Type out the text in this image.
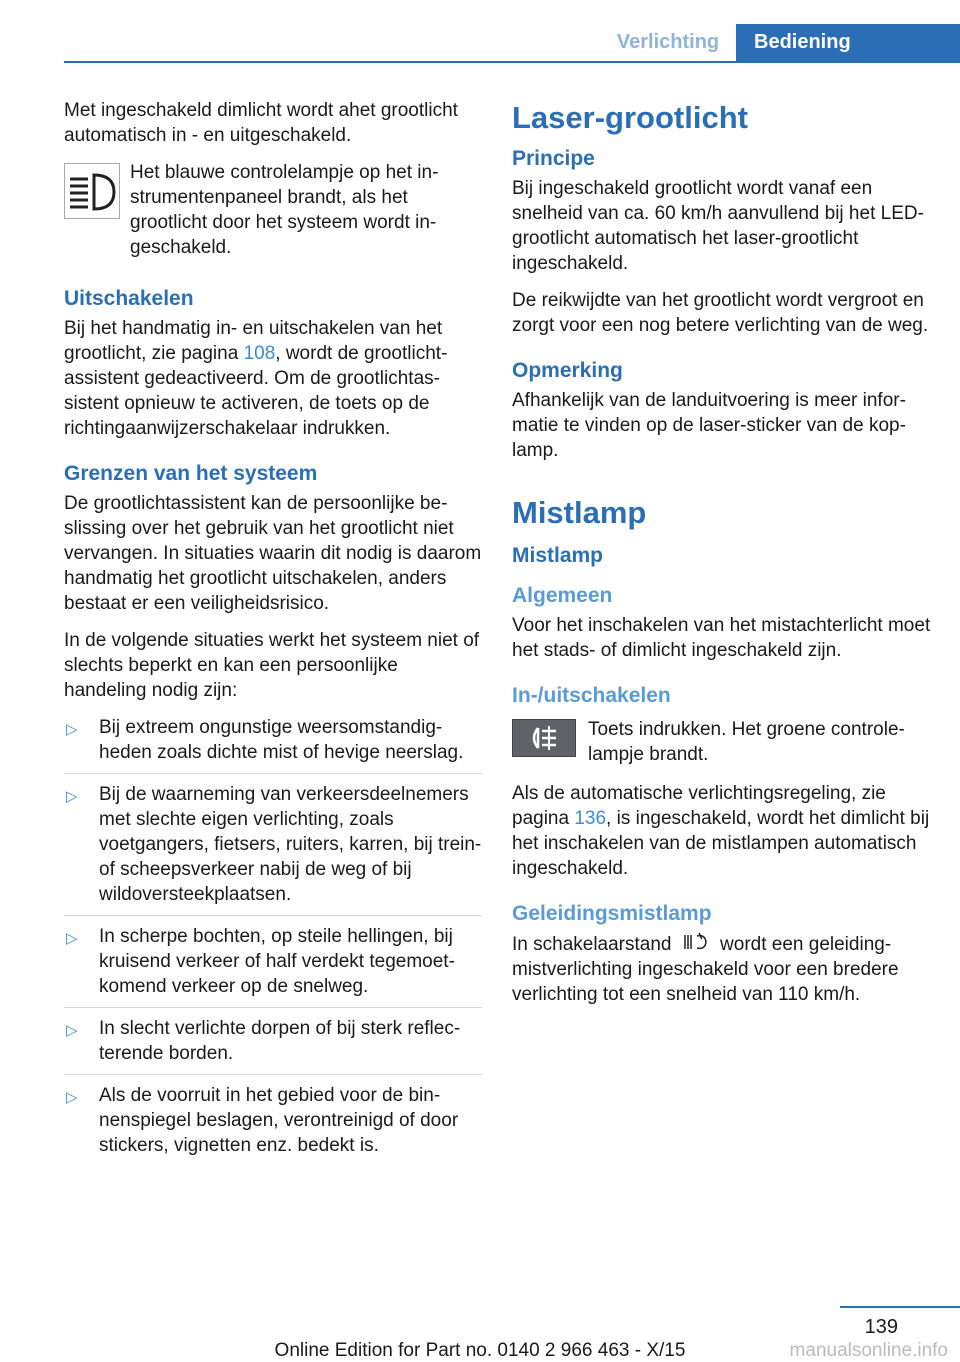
Verlichting	Bediening

Met ingeschakeld dimlicht wordt ahet grootlicht automatisch in - en uitgeschakeld.

Het blauwe controlelampje op het instrumentenpaneel brandt, als het grootlicht door het systeem wordt ingeschakeld.
Uitschakelen

Bij het handmatig in- en uitschakelen van het grootlicht, zie pagina 108, wordt de grootlichtassistent gedeactiveerd. Om de grootlichtassistent opnieuw te activeren, de toets op de richtingaanwijzerschakelaar indrukken.

Grenzen van het systeem

De grootlichtassistent kan de persoonlijke beslissing over het gebruik van het grootlicht niet vervangen. In situaties waarin dit nodig is daarom handmatig het grootlicht uitschakelen, anders bestaat er een veiligheidsrisico.

In de volgende situaties werkt het systeem niet of slechts beperkt en kan een persoonlijke handeling nodig zijn:

▷ Bij extreem ongunstige weersomstandigheden zoals dichte mist of hevige neerslag.
▷ Bij de waarneming van verkeersdeelnemers met slechte eigen verlichting, zoals voetgangers, fietsers, ruiters, karren, bij trein- of scheepsverkeer nabij de weg of bij wildoversteekplaatsen.
▷ In scherpe bochten, op steile hellingen, bij kruisend verkeer of half verdekt tegemoetkomend verkeer op de snelweg.
▷ In slecht verlichte dorpen of bij sterk reflecterende borden.
▷ Als de voorruit in het gebied voor de binnenspiegel beslagen, verontreinigd of door stickers, vignetten enz. bedekt is.
Laser-grootlicht
Principe

Bij ingeschakeld grootlicht wordt vanaf een snelheid van ca. 60 km/h aanvullend bij het LED-grootlicht automatisch het laser-grootlicht ingeschakeld.

De reikwijdte van het grootlicht wordt vergroot en zorgt voor een nog betere verlichting van de weg.

Opmerking

Afhankelijk van de landuitvoering is meer informatie te vinden op de laser-sticker van de koplamp.

Mistlamp
Mistlamp
Algemeen

Voor het inschakelen van het mistachterlicht moet het stads- of dimlicht ingeschakeld zijn.

In-/uitschakelen
Toets indrukken. Het groene controlelampje brandt.

Als de automatische verlichtingsregeling, zie pagina 136, is ingeschakeld, wordt het dimlicht bij het inschakelen van de mistlampen automatisch ingeschakeld.

Geleidingsmistlamp

In schakelaarstand  wordt een geleidingmistverlichting ingeschakeld voor een bredere verlichting tot een snelheid van 110 km/h.

139
Online Edition for Part no. 0140 2 966 463 - X/15	manualsonline.info
